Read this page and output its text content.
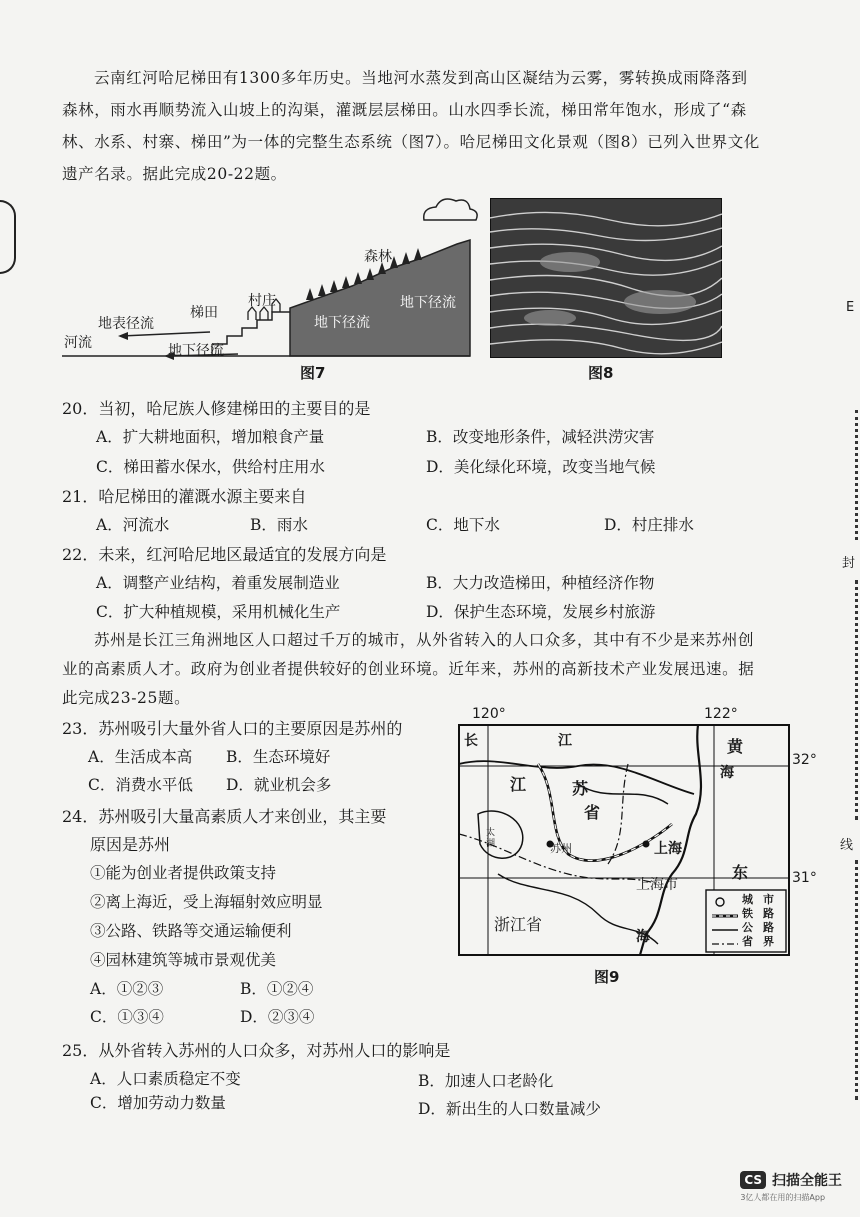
云南红河哈尼梯田有1300多年历史。当地河水蒸发到高山区凝结为云雾，雾转换成雨降落到森林，雨水再顺势流入山坡上的沟渠，灌溉层层梯田。山水四季长流，梯田常年饱水，形成了“森林、水系、村寨、梯田”为一体的完整生态系统（图7）。哈尼梯田文化景观（图8）已列入世界文化遗产名录。据此完成20-22题。
森林
村庄
梯田
地表径流
河流	地下径流
地下径流
地下径流
图7	图8
20．当初，哈尼族人修建梯田的主要目的是
A．扩大耕地面积，增加粮食产量	B．改变地形条件，减轻洪涝灾害
C．梯田蓄水保水，供给村庄用水	D．美化绿化环境，改变当地气候
21．哈尼梯田的灌溉水源主要来自
A．河流水	B．雨水	C．地下水	D．村庄排水
22．未来，红河哈尼地区最适宜的发展方向是
A．调整产业结构，着重发展制造业	B．大力改造梯田，种植经济作物
C．扩大种植规模，采用机械化生产	D．保护生态环境，发展乡村旅游
苏州是长江三角洲地区人口超过千万的城市，从外省转入的人口众多，其中有不少是来苏州创业的高素质人才。政府为创业者提供较好的创业环境。近年来，苏州的高新技术产业发展迅速。据此完成23-25题。
23．苏州吸引大量外省人口的主要原因是苏州的
A．生活成本高 B．生态环境好
C．消费水平低 D．就业机会多
24．苏州吸引大量高素质人才来创业，其主要
原因是苏州
①能为创业者提供政策支持
②离上海近，受上海辐射效应明显
③公路、铁路等交通运输便利
④园林建筑等城市景观优美
A．①②③	B．①②④
C．①③④	D．②③④
120°	122°
32°
31°
长	江
江	苏
省
太湖	苏州	上海
上海市
浙江省
黄
海
东
海
城市
铁路
公路
省界
图9
25．从外省转入苏州的人口众多，对苏州人口的影响是
A．人口素质稳定不变	B．加速人口老龄化
C．增加劳动力数量	D．新出生的人口数量减少
E
封
线
CS 扫描全能王
3亿人都在用的扫描App
